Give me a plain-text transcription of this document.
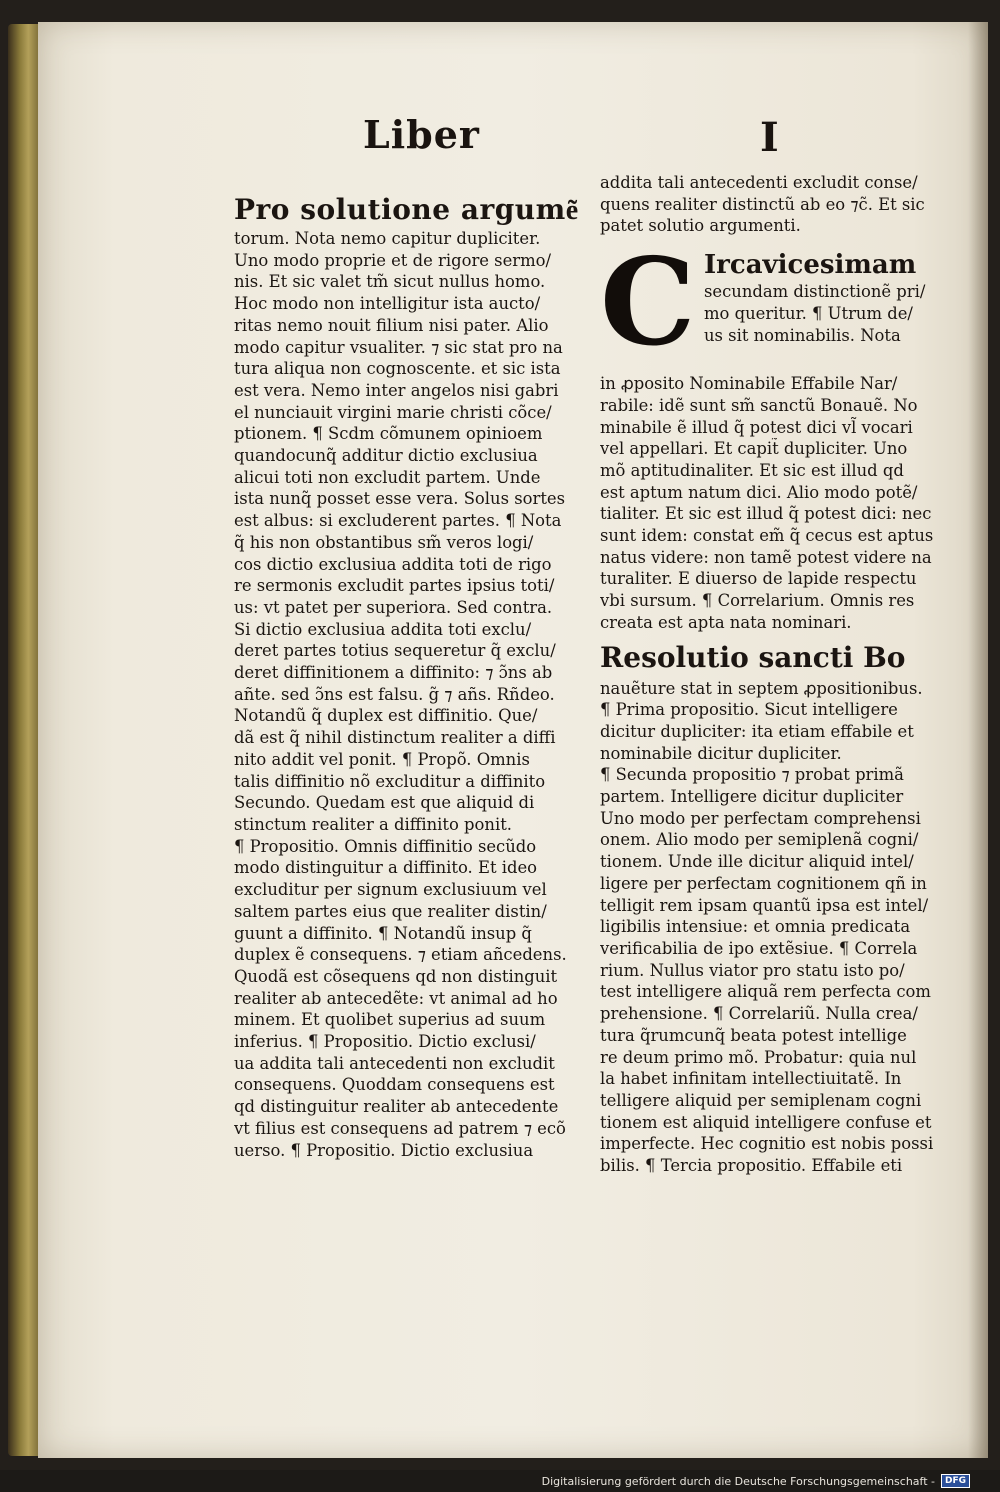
Liber	I
Pro solutione argume͂
torum. Nota nemo capitur dupliciter.
Uno modo proprie et de rigore sermo/
nis. Et sic valet tm̃ sicut nullus homo.
Hoc modo non intelligitur ista aucto/
ritas nemo nouit filium nisi pater. Alio
modo capitur vsualiter. ⁊ sic stat pro na
tura aliqua non cognoscente. et sic ista
est vera. Nemo inter angelos nisi gabri
el nunciauit virgini marie christi cõce/
ptionem. ¶ Scdm cõmunem opinioem
quandocunq̃ additur dictio exclusiua
alicui toti non excludit partem. Unde
ista nunq̃ posset esse vera. Solus sortes
est albus: si excluderent partes. ¶ Nota
q̃ his non obstantibus sm̃ veros logi/
cos dictio exclusiua addita toti de rigo
re sermonis excludit partes ipsius toti/
us: vt patet per superiora. Sed contra.
Si dictio exclusiua addita toti exclu/
deret partes totius sequeretur q̃ exclu/
deret diffinitionem a diffinito: ⁊ ɔ̃ns ab
añte. sed ɔ̃ns est falsu. g̃ ⁊ añs. Rñdeo.
Notandũ q̃ duplex est diffinitio. Que/
dã est q̃ nihil distinctum realiter a diffi
nito addit vel ponit. ¶ Propõ. Omnis
talis diffinitio nõ excluditur a diffinito
Secundo. Quedam est que aliquid di
stinctum realiter a diffinito ponit.
¶ Propositio. Omnis diffinitio secũdo
modo distinguitur a diffinito. Et ideo
excluditur per signum exclusiuum vel
saltem partes eius que realiter distin/
guunt a diffinito. ¶ Notandũ insup q̃
duplex ẽ consequens. ⁊ etiam añcedens.
Quodã est cõsequens qd non distinguit
realiter ab antecedẽte: vt animal ad ho
minem. Et quolibet superius ad suum
inferius. ¶ Propositio. Dictio exclusi/
ua addita tali antecedenti non excludit
consequens. Quoddam consequens est
qd distinguitur realiter ab antecedente
vt filius est consequens ad patrem ⁊ ecõ
uerso. ¶ Propositio. Dictio exclusiua
addita tali antecedenti excludit conse/
quens realiter distinctũ ab eo ⁊c̃. Et sic
patet solutio argumenti.
C Ircavicesimam
secundam distinctionẽ pri/
mo queritur. ¶ Utrum de/
us sit nominabilis. Nota
in ꝓposito Nominabile Effabile Nar/
rabile: idẽ sunt sm̃ sanctũ Bonauẽ. No
minabile ẽ illud q̃ potest dici vl̃ vocari
vel appellari. Et capit̃ dupliciter. Uno
mõ aptitudinaliter. Et sic est illud qd
est aptum natum dici. Alio modo potẽ/
tialiter. Et sic est illud q̃ potest dici: nec
sunt idem: constat em̃ q̃ cecus est aptus
natus videre: non tamẽ potest videre na
turaliter. E diuerso de lapide respectu
vbi sursum. ¶ Correlarium. Omnis res
creata est apta nata nominari.
Resolutio sancti Bo
nauẽture stat in septem ꝓpositionibus.
¶ Prima propositio. Sicut intelligere
dicitur dupliciter: ita etiam effabile et
nominabile dicitur dupliciter.
¶ Secunda propositio ⁊ probat primã
partem. Intelligere dicitur dupliciter
Uno modo per perfectam comprehensi
onem. Alio modo per semiplenã cogni/
tionem. Unde ille dicitur aliquid intel/
ligere per perfectam cognitionem qñ in
telligit rem ipsam quantũ ipsa est intel/
ligibilis intensiue: et omnia predicata
verificabilia de ipo extẽsiue. ¶ Correla
rium. Nullus viator pro statu isto po/
test intelligere aliquã rem perfecta com
prehensione. ¶ Correlariũ. Nulla crea/
tura q̃rumcunq̃ beata potest intellige
re deum primo mõ. Probatur: quia nul
la habet infinitam intellectiuitatẽ. In
telligere aliquid per semiplenam cogni
tionem est aliquid intelligere confuse et
imperfecte. Hec cognitio est nobis possi
bilis. ¶ Tercia propositio. Effabile eti
Digitalisierung gefördert durch die Deutsche Forschungsgemeinschaft -	DFG
